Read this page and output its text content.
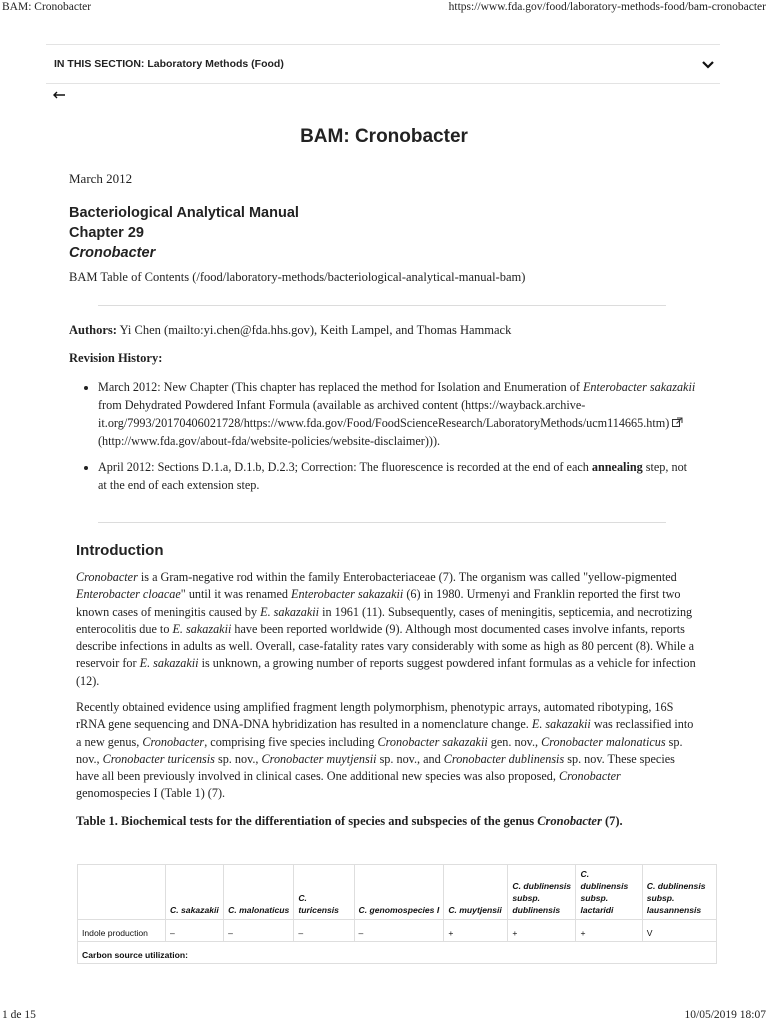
BAM: Cronobacter	https://www.fda.gov/food/laboratory-methods-food/bam-cronobacter
1 de 15	10/05/2019 18:07
IN THIS SECTION: Laboratory Methods (Food)
BAM: Cronobacter
March 2012
Bacteriological Analytical Manual
Chapter 29
Cronobacter
BAM Table of Contents (/food/laboratory-methods/bacteriological-analytical-manual-bam)
Authors: Yi Chen (mailto:yi.chen@fda.hhs.gov), Keith Lampel, and Thomas Hammack
Revision History:
• March 2012: New Chapter (This chapter has replaced the method for Isolation and Enumeration of Enterobacter sakazakii from Dehydrated Powdered Infant Formula (available as archived content (https://wayback.archive-it.org/7993/20170406021728/https://www.fda.gov/Food/FoodScienceResearch/LaboratoryMethods/ucm114665.htm)  (http://www.fda.gov/about-fda/website-policies/website-disclaimer))).
• April 2012: Sections D.1.a, D.1.b, D.2.3; Correction: The fluorescence is recorded at the end of each annealing step, not at the end of each extension step.
Introduction
Cronobacter is a Gram-negative rod within the family Enterobacteriaceae (7). The organism was called "yellow-pigmented Enterobacter cloacae" until it was renamed Enterobacter sakazakii (6) in 1980. Urmenyi and Franklin reported the first two known cases of meningitis caused by E. sakazakii in 1961 (11). Subsequently, cases of meningitis, septicemia, and necrotizing enterocolitis due to E. sakazakii have been reported worldwide (9). Although most documented cases involve infants, reports describe infections in adults as well. Overall, case-fatality rates vary considerably with some as high as 80 percent (8). While a reservoir for E. sakazakii is unknown, a growing number of reports suggest powdered infant formulas as a vehicle for infection (12).
Recently obtained evidence using amplified fragment length polymorphism, phenotypic arrays, automated ribotyping, 16S rRNA gene sequencing and DNA-DNA hybridization has resulted in a nomenclature change. E. sakazakii was reclassified into a new genus, Cronobacter, comprising five species including Cronobacter sakazakii gen. nov., Cronobacter malonaticus sp. nov., Cronobacter turicensis sp. nov., Cronobacter muytjensii sp. nov., and Cronobacter dublinensis sp. nov. These species have all been previously involved in clinical cases. One additional new species was also proposed, Cronobacter genomospecies I (Table 1) (7).
Table 1. Biochemical tests for the differentiation of species and subspecies of the genus Cronobacter (7).
	C. sakazakii	C. malonaticus	C. turicensis	C. genomospecies I	C. muytjensii	C. dublinensis subsp. dublinensis	C. dublinensis subsp. lactaridi	C. dublinensis subsp. lausannensis
Indole production	–	–	–	–	+	+	+	V
Carbon source utilization:								
